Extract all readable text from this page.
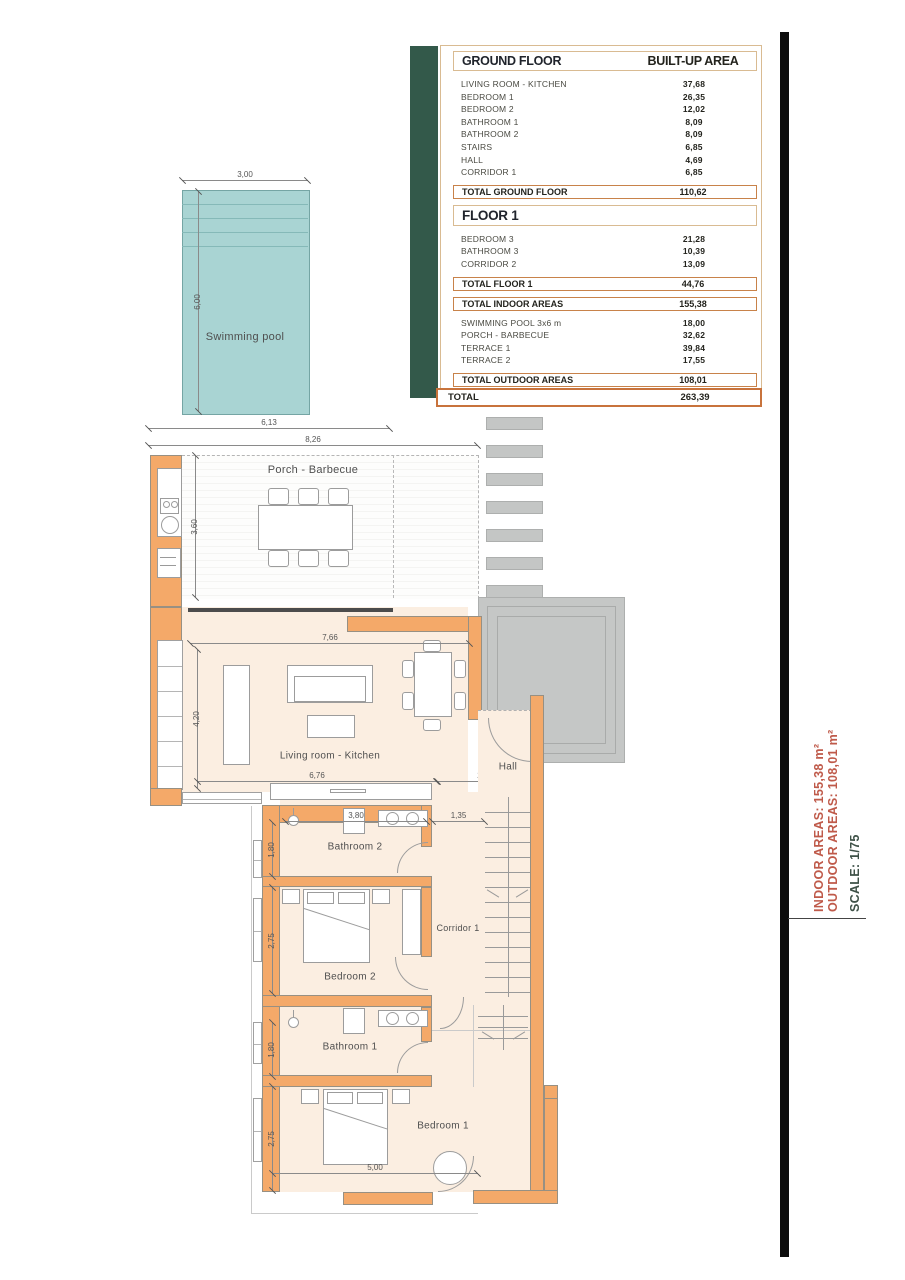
GROUND FLOOR	BUILT-UP AREA
LIVING ROOM - KITCHEN	37,68
BEDROOM 1	26,35
BEDROOM 2	12,02
BATHROOM 1	8,09
BATHROOM 2	8,09
STAIRS	6,85
HALL	4,69
CORRIDOR 1	6,85
TOTAL GROUND FLOOR	110,62
FLOOR 1
BEDROOM 3	21,28
BATHROOM 3	10,39
CORRIDOR 2	13,09
TOTAL FLOOR 1	44,76
TOTAL INDOOR AREAS	155,38
SWIMMING POOL 3x6 m	18,00
PORCH - BARBECUE	32,62
TERRACE 1	39,84
TERRACE 2	17,55
TOTAL OUTDOOR AREAS	108,01
TOTAL	263,39
Swimming pool
3,00
6,00
Porch - Barbecue
6,13
8,26
3,60
Living room - Kitchen
7,66
4,20
6,76
Hall
Bathroom 2
3,80	1,35
1,80
Bedroom 2
2,75
Corridor 1
Bathroom 1
1,80
Bedroom 1
2,75
5,00
INDOOR AREAS: 155,38 m² OUTDOOR AREAS: 108,01 m² SCALE: 1/75
